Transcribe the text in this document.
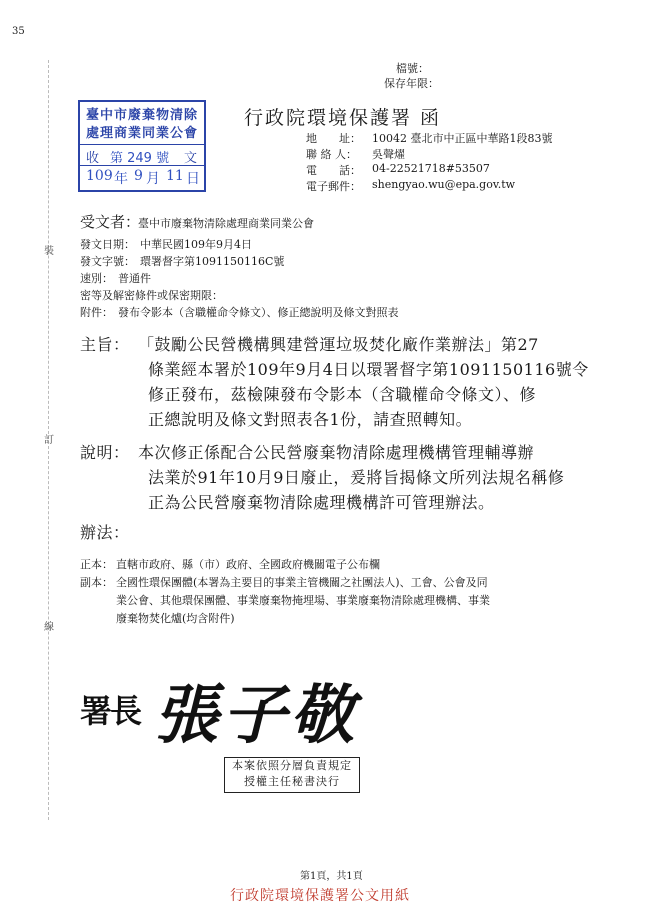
35
裝
訂
線
檔號：
保存年限：
臺中市廢棄物清除
處理商業同業公會
收 第 249 號 文
109 年 9 月 11 日
行政院環境保護署 函
地　　址： 10042 臺北市中正區中華路1段83號
聯 絡 人： 吳聲燿
電　　話： 04-22521718#53507
電子郵件： shengyao.wu@epa.gov.tw
受文者：
臺中市廢棄物清除處理商業同業公會
發文日期： 中華民國109年9月4日
發文字號： 環署督字第1091150116C號
速別： 普通件
密等及解密條件或保密期限：
附件： 發布令影本（含職權命令條文）、修正總說明及條文對照表
主旨： 「鼓勵公民營機構興建營運垃圾焚化廠作業辦法」第27
條業經本署於109年9月4日以環署督字第1091150116號令
修正發布，茲檢陳發布令影本（含職權命令條文）、修
正總說明及條文對照表各1份，請查照轉知。
說明： 本次修正係配合公民營廢棄物清除處理機構管理輔導辦
法業於91年10月9日廢止，爰將旨揭條文所列法規名稱修
正為公民營廢棄物清除處理機構許可管理辦法。
辦法：
正本： 直轄市政府、縣（市）政府、全國政府機關電子公布欄
副本： 全國性環保團體(本署為主要目的事業主管機關之社團法人)、工會、公會及同
業公會、其他環保團體、事業廢棄物掩埋場、事業廢棄物清除處理機構、事業
廢棄物焚化爐(均含附件)
署長 張子敬
本案依照分層負責規定
授權主任秘書決行
第1頁，共1頁
行政院環境保護署公文用紙
